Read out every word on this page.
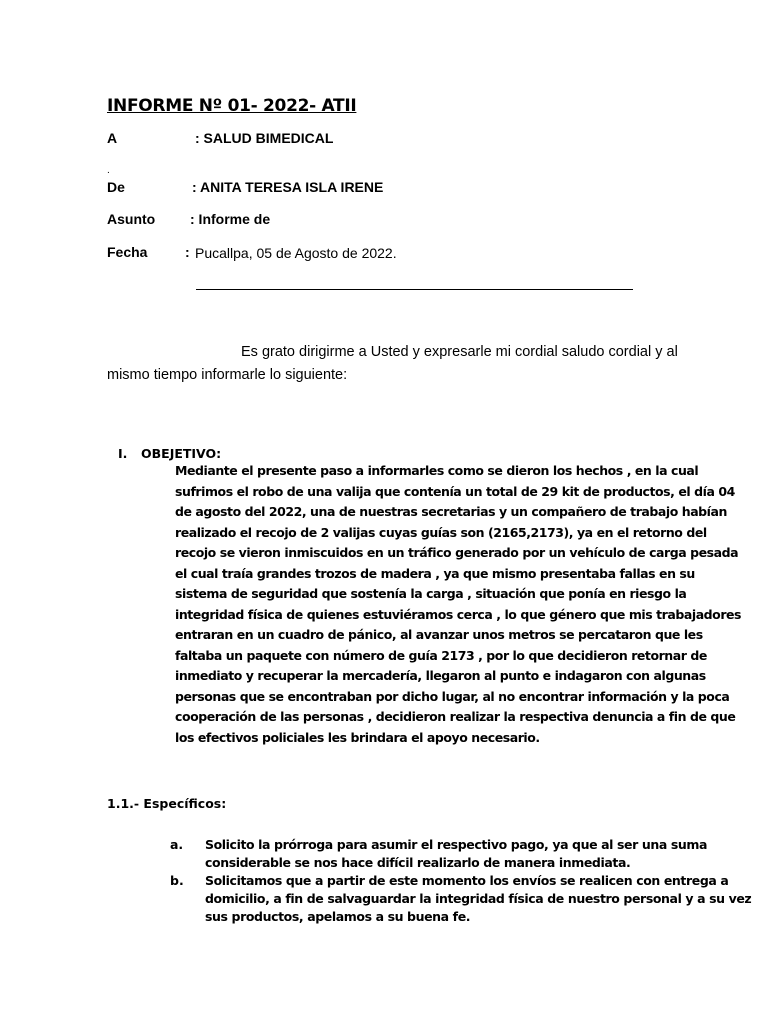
INFORME Nº 01- 2022- ATII
A	: SALUD BIMEDICAL
.
De	: ANITA TERESA ISLA IRENE
Asunto : Informe de
Fecha	: Pucallpa, 05 de Agosto de 2022.
Es grato dirigirme a Usted y expresarle mi cordial saludo cordial y al
mismo tiempo informarle lo siguiente:
I. OBEJETIVO:
Mediante el presente paso a informarles como se dieron los hechos , en la cual
sufrimos el robo de una valija que contenía un total de 29 kit de productos, el día 04
de agosto del 2022, una de nuestras secretarias y un compañero de trabajo habían
realizado el recojo de 2 valijas cuyas guías son (2165,2173), ya en el retorno del
recojo se vieron inmiscuidos en un tráfico generado por un vehículo de carga pesada
el cual traía grandes trozos de madera , ya que mismo presentaba fallas en su
sistema de seguridad que sostenía la carga , situación que ponía en riesgo la
integridad física de quienes estuviéramos cerca , lo que género que mis trabajadores
entraran en un cuadro de pánico, al avanzar unos metros se percataron que les
faltaba un paquete con número de guía 2173 , por lo que decidieron retornar de
inmediato y recuperar la mercadería, llegaron al punto e indagaron con algunas
personas que se encontraban por dicho lugar, al no encontrar información y la poca
cooperación de las personas , decidieron realizar la respectiva denuncia a fin de que
los efectivos policiales les brindara el apoyo necesario.
1.1.- Específicos:
a. Solicito la prórroga para asumir el respectivo pago, ya que al ser una suma
considerable se nos hace difícil realizarlo de manera inmediata.
b. Solicitamos que a partir de este momento los envíos se realicen con entrega a
domicilio, a fin de salvaguardar la integridad física de nuestro personal y a su vez
sus productos, apelamos a su buena fe.
